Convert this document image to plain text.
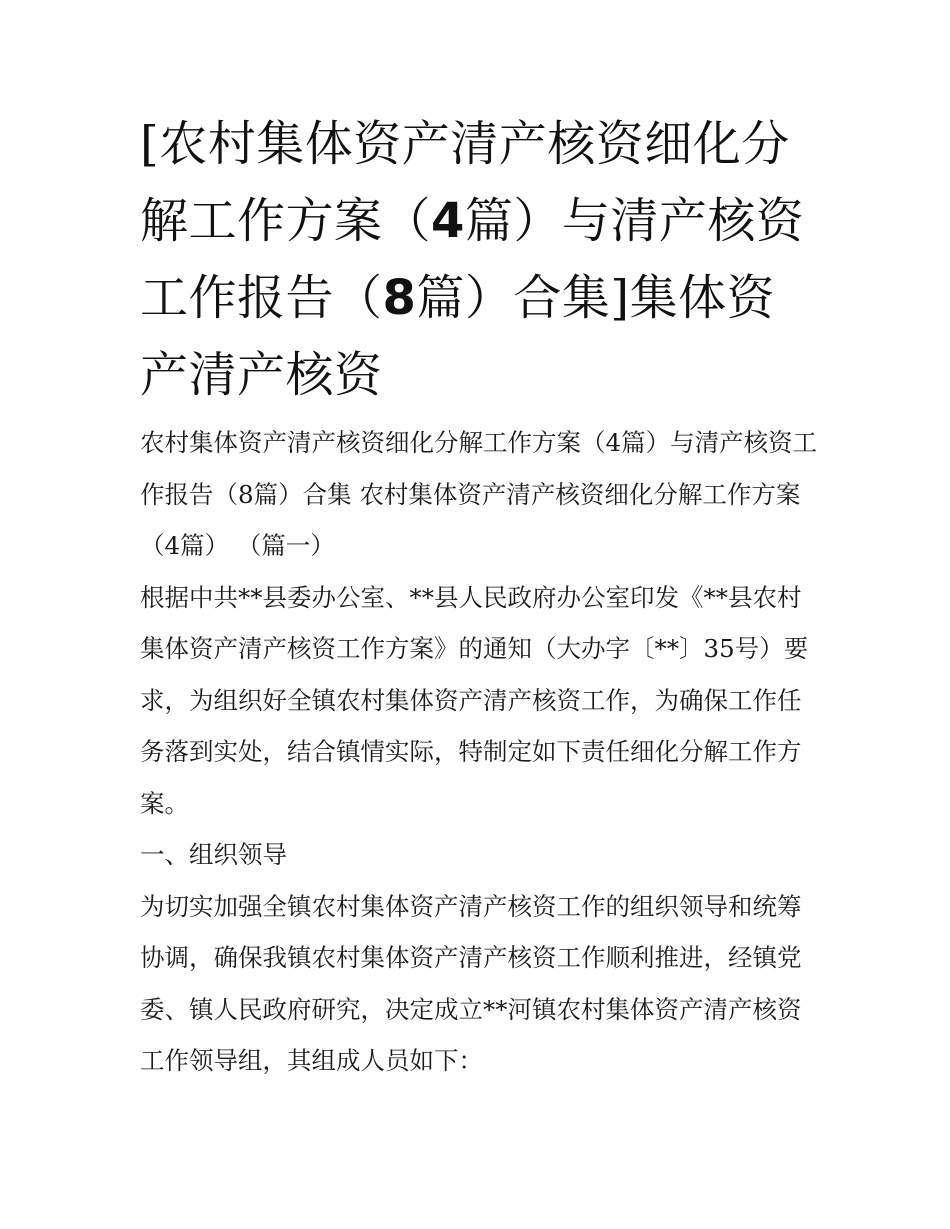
[农村集体资产清产核资细化分解工作方案（4篇）与清产核资工作报告（8篇）合集]集体资产清产核资

农村集体资产清产核资细化分解工作方案（4篇）与清产核资工作报告（8篇）合集 农村集体资产清产核资细化分解工作方案（4篇） （篇一）

根据中共**县委办公室、**县人民政府办公室印发《**县农村集体资产清产核资工作方案》的通知（大办字〔**〕35号）要求，为组织好全镇农村集体资产清产核资工作，为确保工作任务落到实处，结合镇情实际，特制定如下责任细化分解工作方案。

一、组织领导

为切实加强全镇农村集体资产清产核资工作的组织领导和统筹协调，确保我镇农村集体资产清产核资工作顺利推进，经镇党委、镇人民政府研究，决定成立**河镇农村集体资产清产核资工作领导组，其组成人员如下：
